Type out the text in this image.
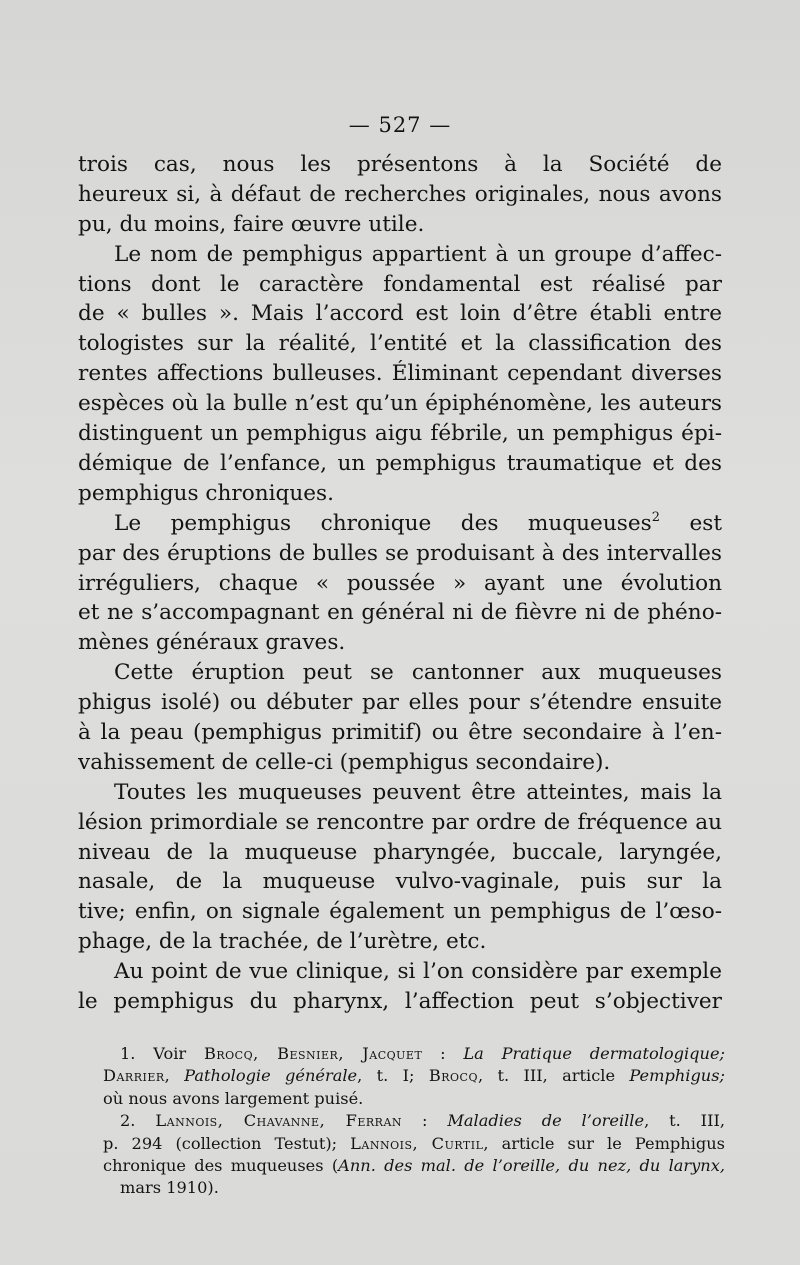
— 527 —
trois cas, nous les présentons à la Société de
heureux si, à défaut de recherches originales, nous avons
pu, du moins, faire œuvre utile.
Le nom de pemphigus appartient à un groupe d’affec-
tions dont le caractère fondamental est réalisé par
de « bulles ». Mais l’accord est loin d’être établi entre
tologistes sur la réalité, l’entité et la classification des
rentes affections bulleuses. Éliminant cependant diverses
espèces où la bulle n’est qu’un épiphénomène, les auteurs
distinguent un pemphigus aigu fébrile, un pemphigus épi-
démique de l’enfance, un pemphigus traumatique et des
pemphigus chroniques.
Le pemphigus chronique des muqueuses$^2$ est
par des éruptions de bulles se produisant à des intervalles
irréguliers, chaque « poussée » ayant une évolution
et ne s’accompagnant en général ni de fièvre ni de phéno-
mènes généraux graves.
Cette éruption peut se cantonner aux muqueuses
phigus isolé) ou débuter par elles pour s’étendre ensuite
à la peau (pemphigus primitif) ou être secondaire à l’en-
vahissement de celle-ci (pemphigus secondaire).
Toutes les muqueuses peuvent être atteintes, mais la
lésion primordiale se rencontre par ordre de fréquence au
niveau de la muqueuse pharyngée, buccale, laryngée,
nasale, de la muqueuse vulvo-vaginale, puis sur la
tive; enfin, on signale également un pemphigus de l’œso-
phage, de la trachée, de l’urètre, etc.
Au point de vue clinique, si l’on considère par exemple
le pemphigus du pharynx, l’affection peut s’objectiver
1. Voir Brocq, Besnier, Jacquet : La Pratique dermatologique;
Darrier, Pathologie générale, t. I; Brocq, t. III, article Pemphigus;
où nous avons largement puisé.
2. Lannois, Chavanne, Ferran : Maladies de l’oreille, t. III,
p. 294 (collection Testut); Lannois, Curtil, article sur le Pemphigus
chronique des muqueuses (Ann. des mal. de l’oreille, du nez, du larynx,
mars 1910).
